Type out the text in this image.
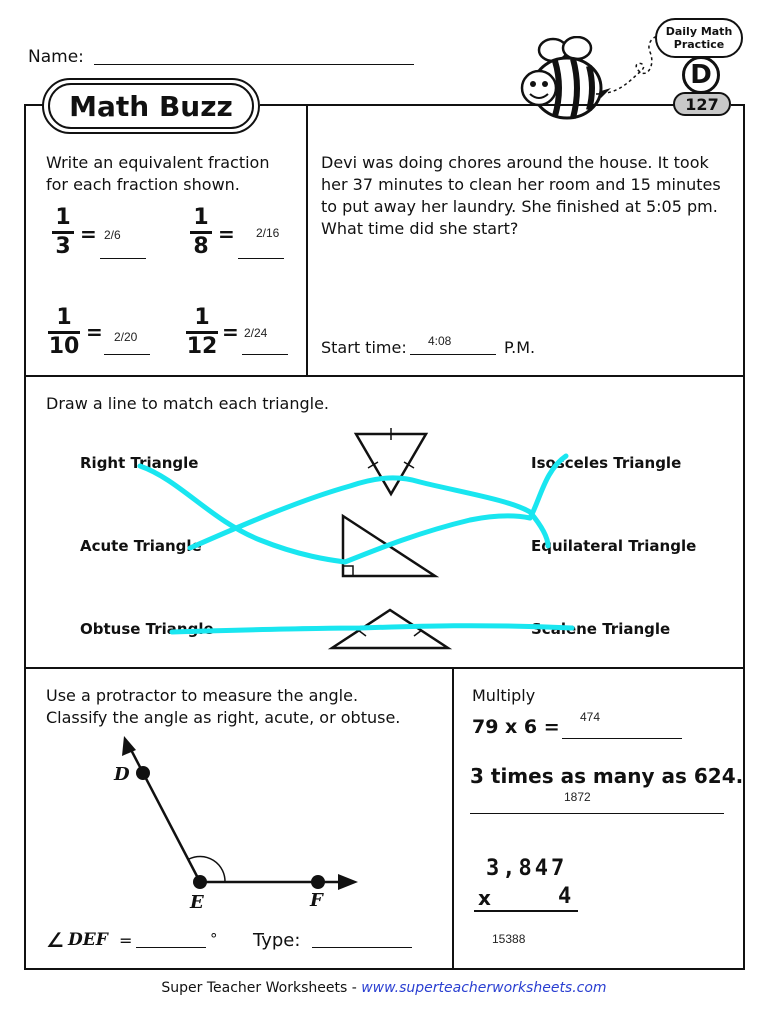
Name:
Math Buzz
Daily Math
Practice
D
127
Write an equivalent fraction
for each fraction shown.
1
3 = 2/6
1
8 = 2/16
1
10
= 2/20
1
12
= 2/24
Devi was doing chores around the house. It took
her 37 minutes to clean her room and 15 minutes
to put away her laundry. She finished at 5:05 pm.
What time did she start?
Start time: 4:08	P.M.
Draw a line to match each triangle.
Right Triangle
Acute Triangle
Obtuse Triangle
Isosceles Triangle
Equilateral Triangle
Scalene Triangle
Use a protractor to measure the angle.
Classify the angle as right, acute, or obtuse.
D
E	F
∠ DEF =	° Type:
Multiply
79 x 6 = 474
3 times as many as 624.
1872
3,847
x	4
15388
Super Teacher Worksheets - www.superteacherworksheets.com
